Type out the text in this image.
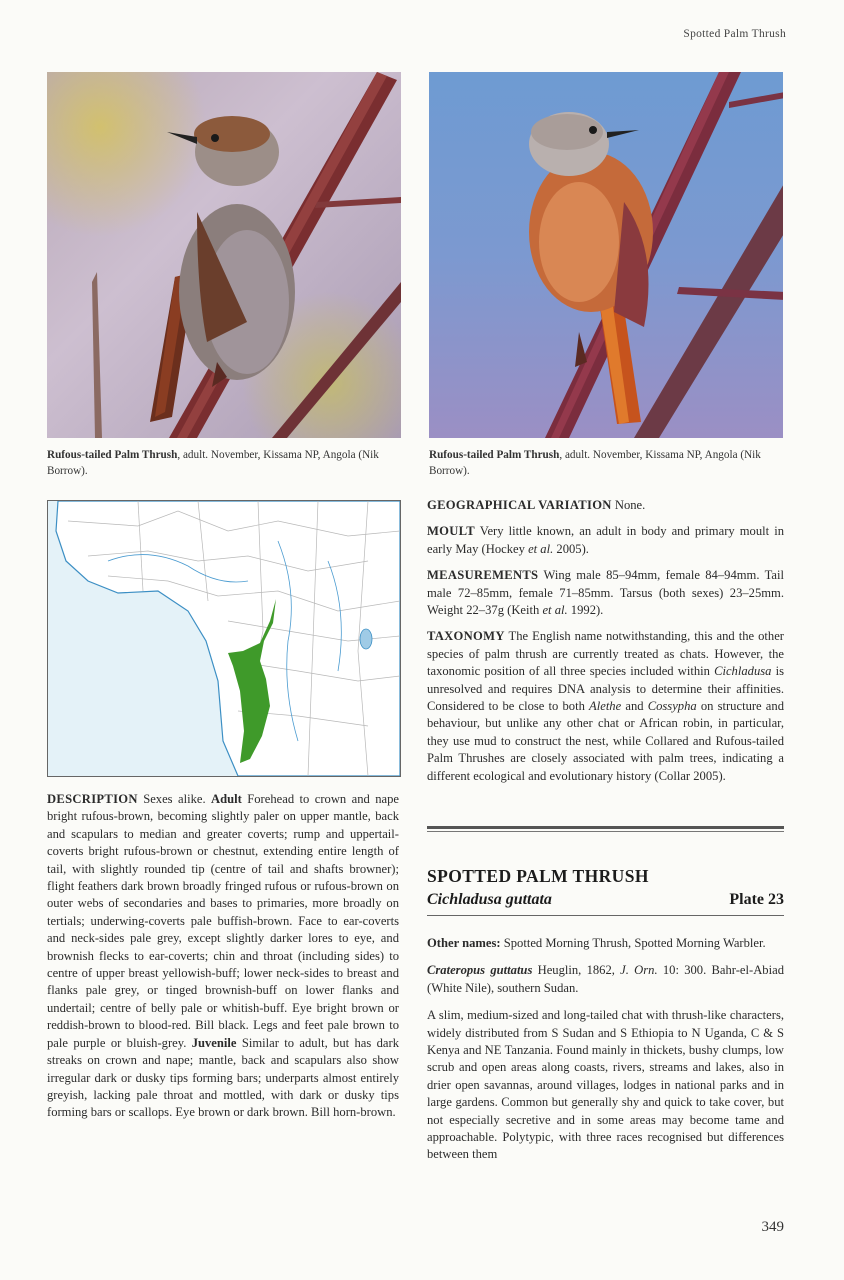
Spotted Palm Thrush
Rufous-tailed Palm Thrush, adult. November, Kissama NP, Angola (Nik Borrow).
Rufous-tailed Palm Thrush, adult. November, Kissama NP, Angola (Nik Borrow).

DESCRIPTION Sexes alike. Adult Forehead to crown and nape bright rufous-brown, becoming slightly paler on upper mantle, back and scapulars to median and greater coverts; rump and uppertail-coverts bright rufous-brown or chestnut, extending entire length of tail, with slightly rounded tip (centre of tail and shafts browner); flight feathers dark brown broadly fringed rufous or rufous-brown on outer webs of secondaries and bases to primaries, more broadly on tertials; underwing-coverts pale buffish-brown. Face to ear-coverts and neck-sides pale grey, except slightly darker lores to eye, and brownish flecks to ear-coverts; chin and throat (including sides) to centre of upper breast yellowish-buff; lower neck-sides to breast and flanks pale grey, or tinged brownish-buff on lower flanks and undertail; centre of belly pale or whitish-buff. Eye bright brown or reddish-brown to blood-red. Bill black. Legs and feet pale brown to pale purple or bluish-grey. Juvenile Similar to adult, but has dark streaks on crown and nape; mantle, back and scapulars also show irregular dark or dusky tips forming bars; underparts almost entirely greyish, lacking pale throat and mottled, with dark or dusky tips forming bars or scallops. Eye brown or dark brown. Bill horn-brown.

GEOGRAPHICAL VARIATION None.

MOULT Very little known, an adult in body and primary moult in early May (Hockey et al. 2005).

MEASUREMENTS Wing male 85–94mm, female 84–94mm. Tail male 72–85mm, female 71–85mm. Tarsus (both sexes) 23–25mm. Weight 22–37g (Keith et al. 1992).

TAXONOMY The English name notwithstanding, this and the other species of palm thrush are currently treated as chats. However, the taxonomic position of all three species included within Cichladusa is unresolved and requires DNA analysis to determine their affinities. Considered to be close to both Alethe and Cossypha on structure and behaviour, but unlike any other chat or African robin, in particular, they use mud to construct the nest, while Collared and Rufous-tailed Palm Thrushes are closely associated with palm trees, indicating a different ecological and evolutionary history (Collar 2005).

SPOTTED PALM THRUSH
Cichladusa guttata	Plate 23

Other names: Spotted Morning Thrush, Spotted Morning Warbler.

Crateropus guttatus Heuglin, 1862, J. Orn. 10: 300. Bahr-el-Abiad (White Nile), southern Sudan.

A slim, medium-sized and long-tailed chat with thrush-like characters, widely distributed from S Sudan and S Ethiopia to N Uganda, C & S Kenya and NE Tanzania. Found mainly in thickets, bushy clumps, low scrub and open areas along coasts, rivers, streams and lakes, also in drier open savannas, around villages, lodges in national parks and in large gardens. Common but generally shy and quick to take cover, but not especially secretive and in some areas may become tame and approachable. Polytypic, with three races recognised but differences between them

349
